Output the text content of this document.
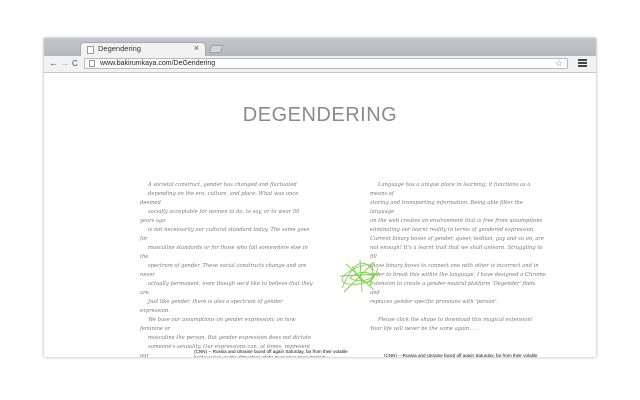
Degendering	×
← → C	www.bakirumkaya.com/DeGendering	☆
DEGENDERING

A societal construct, gender has changed and fluctuated

depending on the era, culture, and place. What was once deemed

socially acceptable for women to do, to say, or to wear 50 years ago

is not necessarily our cultural standard today. The same goes for

masculine standards or for those who fall somewhere else in the

spectrum of gender. These social constructs change and are never

actually permanent, even though we'd like to believe that they are.

Just like gender, there is also a spectrum of gender expression.

We base our assumptions on gender expression; on how feminine or

masculine the person. But gender expression does not dictate

someone's sexuality. Our expressions can, at times, represent our

Language has a unique place in learning; it functions as a means of

storing and transporting information. Being able filter the language

on the web creates an environment that is free from assumptions

eliminating our learnt reality in terms of gendered expression.

Current binary boxes of gender, queer, lesbian, gay and so on, are

not enough! It's a learnt trait that we shall unlearn. Struggling to fill

those binary boxes to connect one with other is incorrect and in

order to break this within the language, I have designed a Chrome

extension to create a gender-neutral platform 'Degender' finds and

replaces gender specific pronouns with 'person'.

Please click the shape to download this magical extension!

Your life will never be the same again . . .

(CNN) -- Russia and Ukraine faced off again Saturday, far from their volatile

(CNN) -- Russia and Ukraine faced off again Saturday, far from their volatile
